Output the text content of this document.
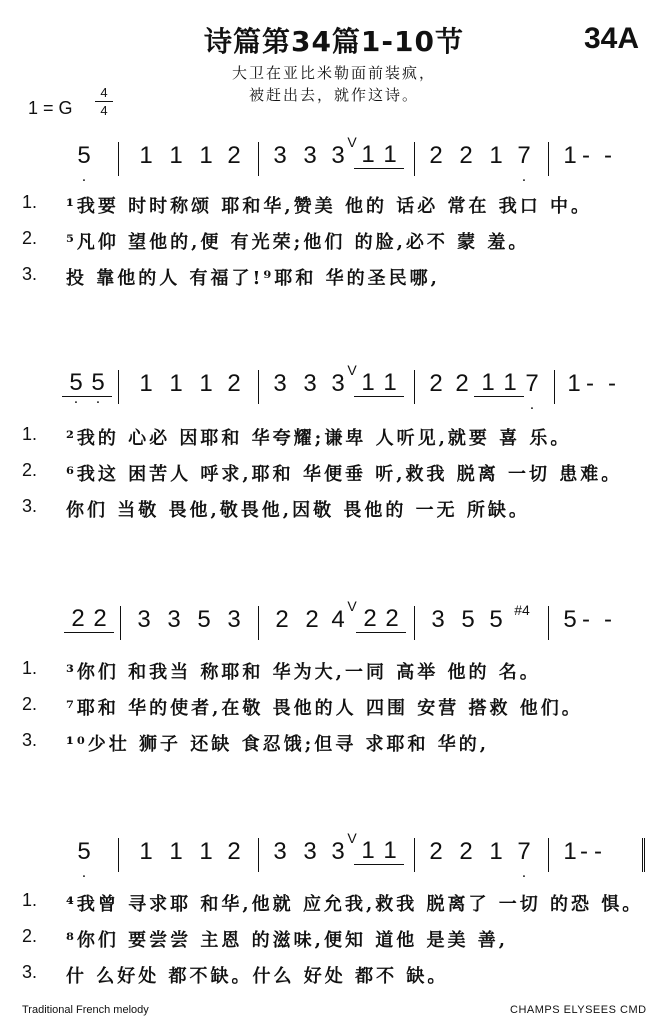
诗篇第34篇1-10节	34A
大卫在亚比米勒面前装疯，
被赶出去，就作这诗。
1 = G
4
4
5 .	1 1 1 2	3 3 3 V 1 1	2 2 1 7 .	1 - -
1.	¹我要 时时称颂 耶和华,赞美 他的 话必 常在 我口 中。
2.	⁵凡仰 望他的,便 有光荣;他们 的脸,必不 蒙 羞。
3.	投 靠他的人 有福了!⁹耶和 华的圣民哪,
5 . 5 .	1 1 1 2	3 3 3 V 1 1	2 2 1 1 7 .	1 - -
1.	²我的 心必 因耶和 华夸耀;谦卑 人听见,就要 喜 乐。
2.	⁶我这 困苦人 呼求,耶和 华便垂 听,救我 脱离 一切 患难。
3.	你们 当敬 畏他,敬畏他,因敬 畏他的 一无 所缺。
2 2	3 3 5 3	2 2 4 V 2 2	3 5 5 #4	5 - -
1.	³你们 和我当 称耶和 华为大,一同 高举 他的 名。
2.	⁷耶和 华的使者,在敬 畏他的人 四围 安营 搭救 他们。
3.	¹⁰少壮 狮子 还缺 食忍饿;但寻 求耶和 华的,
5 .	1 1 1 2	3 3 3 V 1 1	2 2 1 7 .	1 - -
1.	⁴我曾 寻求耶 和华,他就 应允我,救我 脱离了 一切 的恐 惧。
2.	⁸你们 要尝尝 主恩 的滋味,便知 道他 是美 善,
3.	什 么好处 都不缺。什么 好处 都不 缺。
Traditional French melody	CHAMPS ELYSEES CMD
